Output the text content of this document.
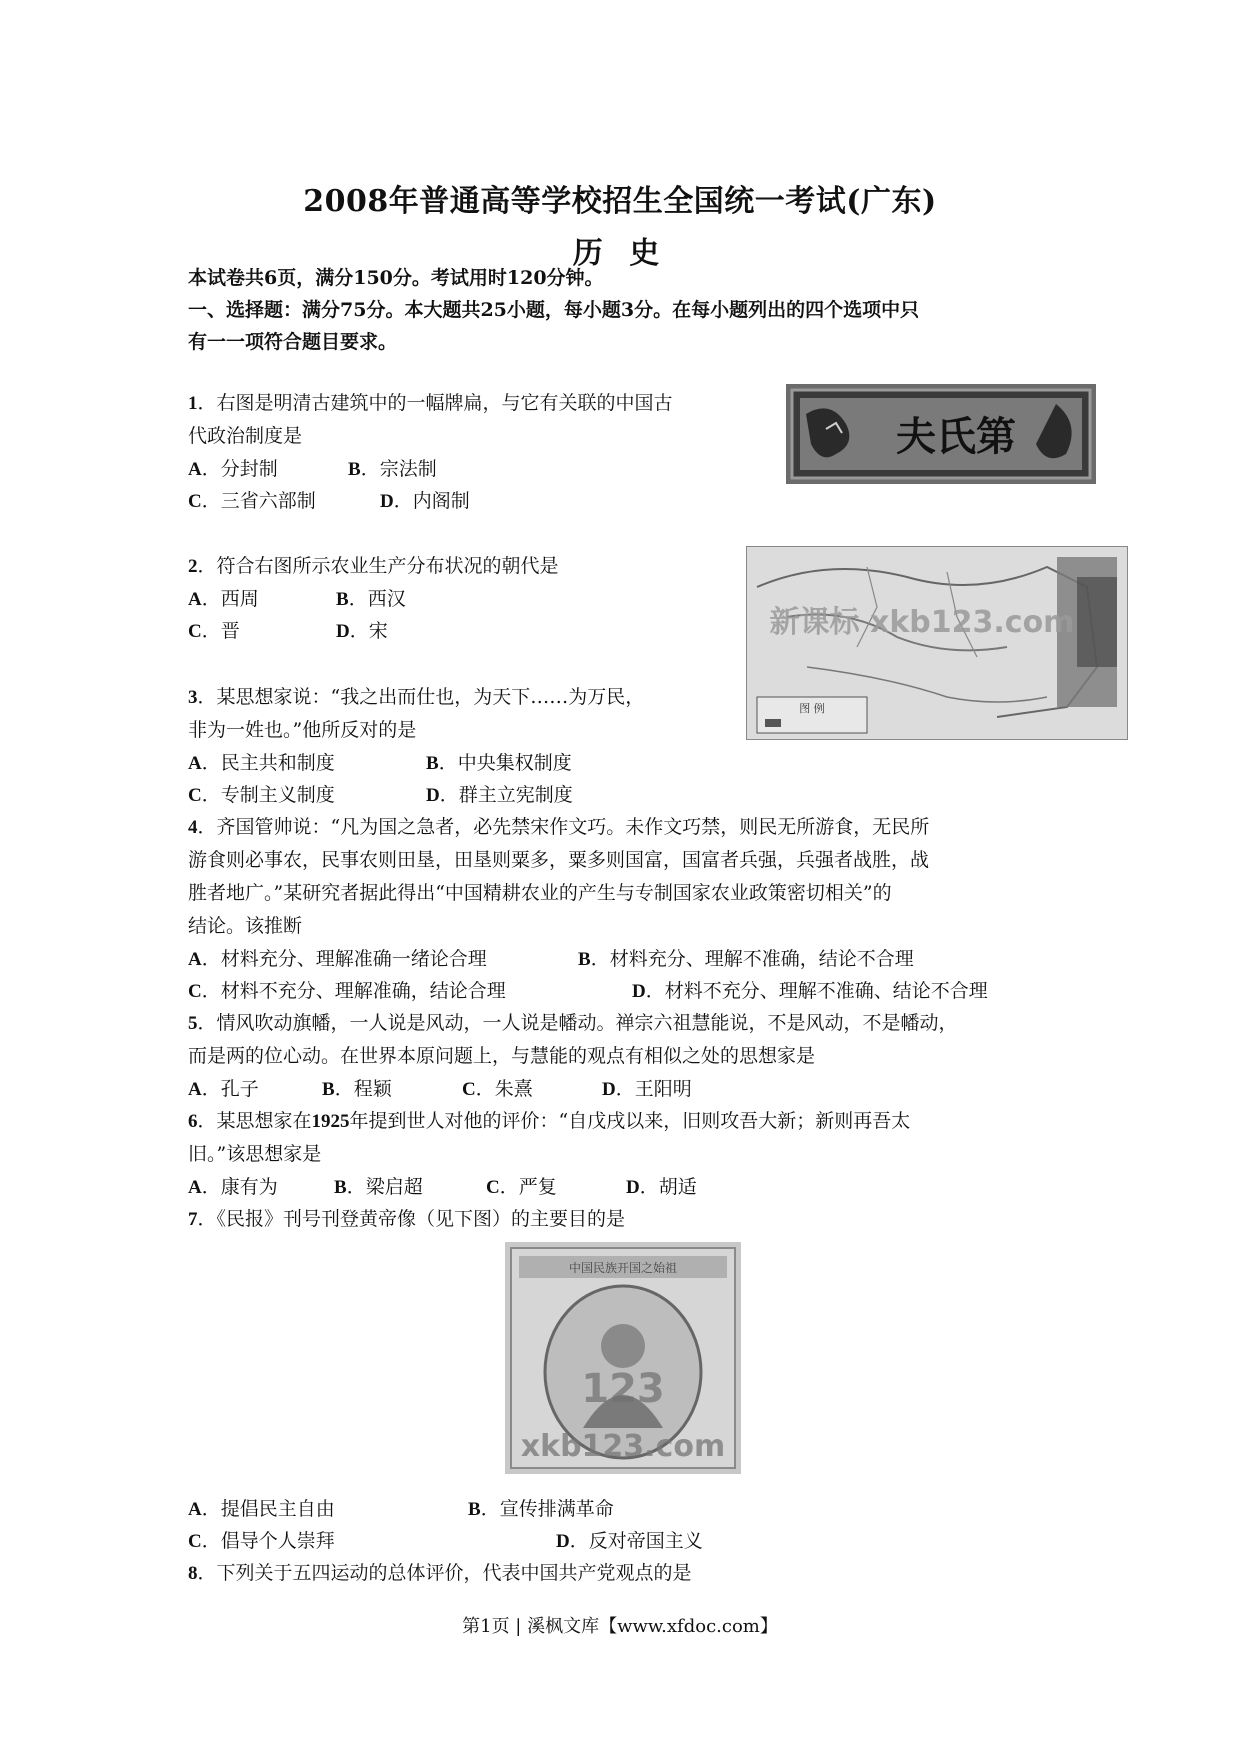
2008年普通高等学校招生全国统一考试(广东)
历 史
本试卷共6页，满分150分。考试用时120分钟。
一、选择题：满分75分。本大题共25小题，每小题3分。在每小题列出的四个选项中只
有一一项符合题目要求。
1．右图是明清古建筑中的一幅牌扁，与它有关联的中国古
代政治制度是
A．分封制	B．宗法制
C．三省六部制	D．内阁制
夫氏第
2．符合右图所示农业生产分布状况的朝代是
A．西周	B．西汉
C．晋	D．宋	新课标 xkb123.com
图 例
3．某思想家说：“我之出而仕也，为天下……为万民，
非为一姓也。”他所反对的是
A．民主共和制度	B．中央集权制度
C．专制主义制度	D．群主立宪制度
4．齐国管帅说：“凡为国之急者，必先禁宋作文巧。未作文巧禁，则民无所游食，无民所
游食则必事农，民事农则田垦，田垦则粟多，粟多则国富，国富者兵强，兵强者战胜，战
胜者地广。”某研究者据此得出“中国精耕农业的产生与专制国家农业政策密切相关”的
结论。该推断
A．材料充分、理解准确一绪论合理	B．材料充分、理解不准确，结论不合理
C．材料不充分、理解准确，结论合理	D．材料不充分、理解不准确、结论不合理
5．情风吹动旗幡，一人说是风动，一人说是幡动。禅宗六祖慧能说，不是风动，不是幡动，
而是两的位心动。在世界本原问题上，与慧能的观点有相似之处的思想家是
A．孔子	B．程颖	C．朱熹	D．王阳明
6．某思想家在1925年提到世人对他的评价：“自戊戌以来，旧则攻吾大新；新则再吾太
旧。”该思想家是
A．康有为	B．梁启超	C．严复	D．胡适
7．《民报》刊号刊登黄帝像（见下图）的主要目的是
123
xkb123.com
中国民族开国之始祖
A．提倡民主自由	B．宣传排满革命
C．倡导个人崇拜	D．反对帝国主义
8．下列关于五四运动的总体评价，代表中国共产党观点的是
第1页 | 溪枫文库【www.xfdoc.com】
